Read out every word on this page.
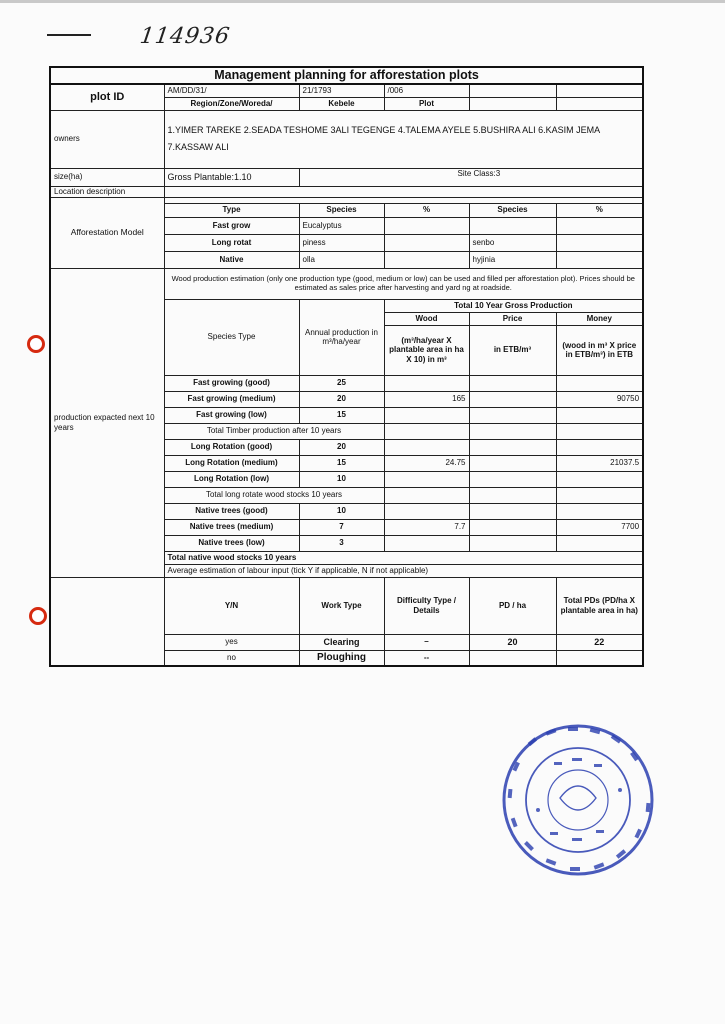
114936
Management planning for afforestation plots					
plot ID	AM/DD/31/	21/1793	/006		
	Region/Zone/Woreda/	Kebele	Plot		
owners	1.YIMER TAREKE 2.SEADA TESHOME 3ALI TEGENGE 4.TALEMA AYELE 5.BUSHIRA ALI 6.KASIM JEMA 7.KASSAW ALI				
size(ha)	Gross Plantable:1.10	Site Class:3			
Location description					
Afforestation Model					
	Type	Species	%	Species	%
	Fast grow	Eucalyptus			
	Long rotat	piness		senbo	
	Native	olla		hyjinia	
production expacted next 10 years	Wood production estimation (only one production type (good, medium or low) can be used and filled per afforestation plot). Prices should be estimated as sales price after harvesting and yard ng at roadside.				
	Species Type	Annual production in m³/ha/year	Total 10 Year Gross Production		
			Wood	Price	Money
			(m³/ha/year X plantable area in ha X 10) in m³	in ETB/m³	(wood in m³ X price in ETB/m³) in ETB
	Fast growing (good)	25			
	Fast growing (medium)	20	165		90750
	Fast growing (low)	15			
	Total Timber production after 10 years				
	Long Rotation (good)	20			
	Long Rotation (medium)	15	24.75		21037.5
	Long Rotation (low)	10			
	Total long rotate wood stocks 10 years				
	Native trees (good)	10			
	Native trees (medium)	7	7.7		7700
	Native trees (low)	3			
	Total native wood stocks 10 years				
	Average estimation of labour input (tick Y if applicable, N if not applicable)				
	Y/N	Work Type	Difficulty Type / Details	PD / ha	Total PDs (PD/ha X plantable area in ha)
	yes	Clearing	–	20	22
	no	Ploughing	--		
